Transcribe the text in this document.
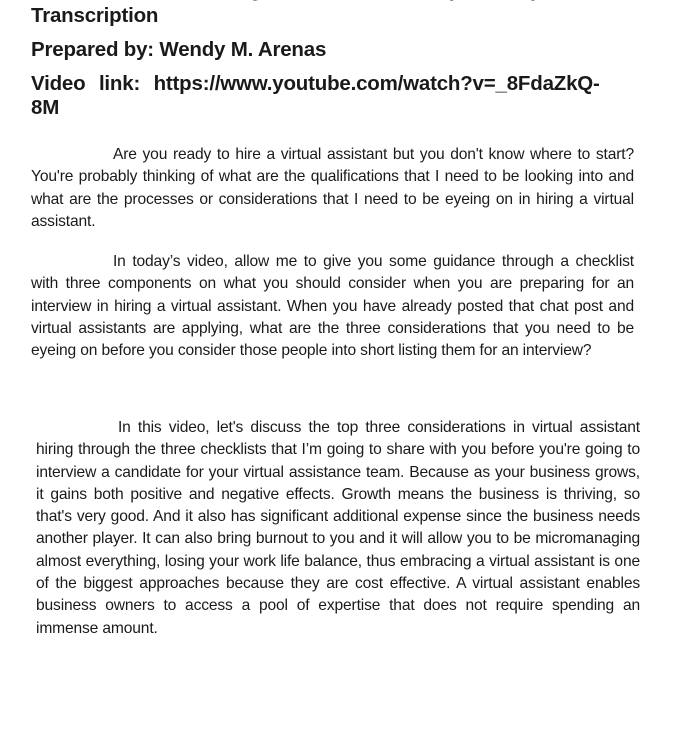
Transcription
Prepared by: Wendy M. Arenas
Video link: https://www.youtube.com/watch?v=_8FdaZkQ-8M

Are you ready to hire a virtual assistant but you don't know where to start? You're probably thinking of what are the qualifications that I need to be looking into and what are the processes or considerations that I need to be eyeing on in hiring a virtual assistant.

In today’s video, allow me to give you some guidance through a checklist with three components on what you should consider when you are preparing for an interview in hiring a virtual assistant. When you have already posted that chat post and virtual assistants are applying, what are the three considerations that you need to be eyeing on before you consider those people into short listing them for an interview?

In this video, let's discuss the top three considerations in virtual assistant hiring through the three checklists that I’m going to share with you before you're going to interview a candidate for your virtual assistance team. Because as your business grows, it gains both positive and negative effects. Growth means the business is thriving, so that's very good. And it also has significant additional expense since the business needs another player. It can also bring burnout to you and it will allow you to be micromanaging almost everything, losing your work life balance, thus embracing a virtual assistant is one of the biggest approaches because they are cost effective. A virtual assistant enables business owners to access a pool of expertise that does not require spending an immense amount.
